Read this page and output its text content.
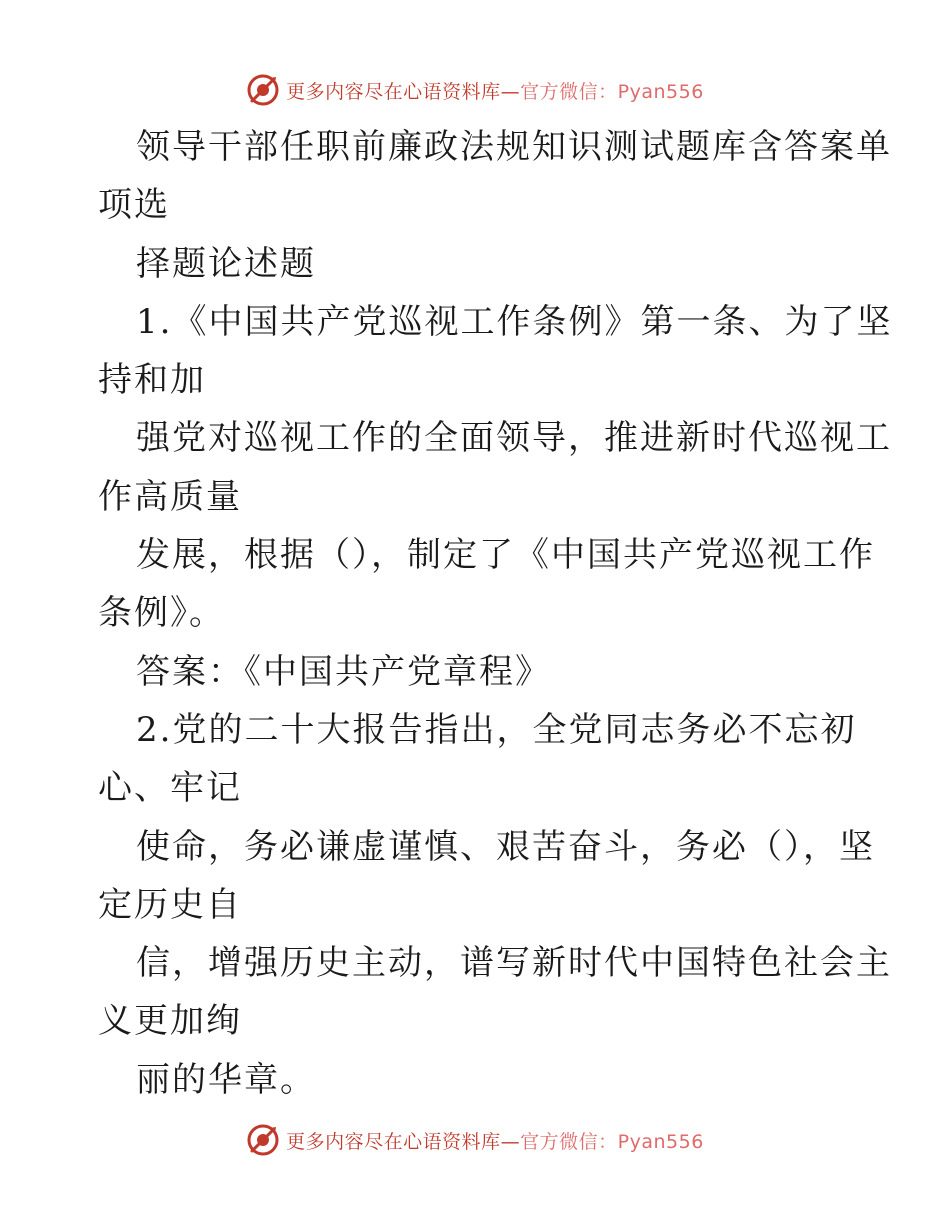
更多内容尽在心语资料库—官方微信：Pyan556
领导干部任职前廉政法规知识测试题库含答案单
项选
择题论述题
1.《中国共产党巡视工作条例》第一条、为了坚
持和加
强党对巡视工作的全面领导，推进新时代巡视工
作高质量
发展，根据（），制定了《中国共产党巡视工作
条例》。
答案：《中国共产党章程》
2.党的二十大报告指出，全党同志务必不忘初
心、牢记
使命，务必谦虚谨慎、艰苦奋斗，务必（），坚
定历史自
信，增强历史主动，谱写新时代中国特色社会主
义更加绚
丽的华章。
更多内容尽在心语资料库—官方微信：Pyan556
